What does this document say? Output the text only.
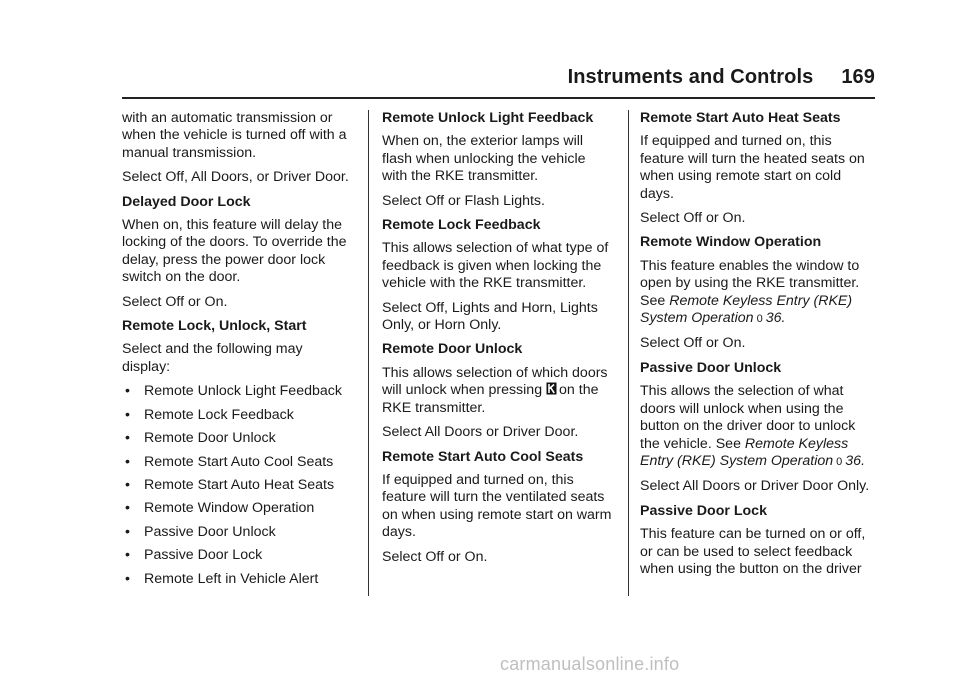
Instruments and Controls 169

with an automatic transmission or when the vehicle is turned off with a manual transmission.

Select Off, All Doors, or Driver Door.

Delayed Door Lock

When on, this feature will delay the locking of the doors. To override the delay, press the power door lock switch on the door.

Select Off or On.

Remote Lock, Unlock, Start

Select and the following may display:

• Remote Unlock Light Feedback
• Remote Lock Feedback
• Remote Door Unlock
• Remote Start Auto Cool Seats
• Remote Start Auto Heat Seats
• Remote Window Operation
• Passive Door Unlock
• Passive Door Lock
• Remote Left in Vehicle Alert

Remote Unlock Light Feedback

When on, the exterior lamps will flash when unlocking the vehicle with the RKE transmitter.

Select Off or Flash Lights.

Remote Lock Feedback

This allows selection of what type of feedback is given when locking the vehicle with the RKE transmitter.

Select Off, Lights and Horn, Lights Only, or Horn Only.

Remote Door Unlock

This allows selection of which doors will unlock when pressing on the RKE transmitter.

Select All Doors or Driver Door.

Remote Start Auto Cool Seats

If equipped and turned on, this feature will turn the ventilated seats on when using remote start on warm days.

Select Off or On.

Remote Start Auto Heat Seats

If equipped and turned on, this feature will turn the heated seats on when using remote start on cold days.

Select Off or On.

Remote Window Operation

This feature enables the window to open by using the RKE transmitter. See Remote Keyless Entry (RKE) System Operation 0 36.

Select Off or On.

Passive Door Unlock

This allows the selection of what doors will unlock when using the button on the driver door to unlock the vehicle. See Remote Keyless Entry (RKE) System Operation 0 36.

Select All Doors or Driver Door Only.

Passive Door Lock

This feature can be turned on or off, or can be used to select feedback when using the button on the driver

carmanualsonline.info
